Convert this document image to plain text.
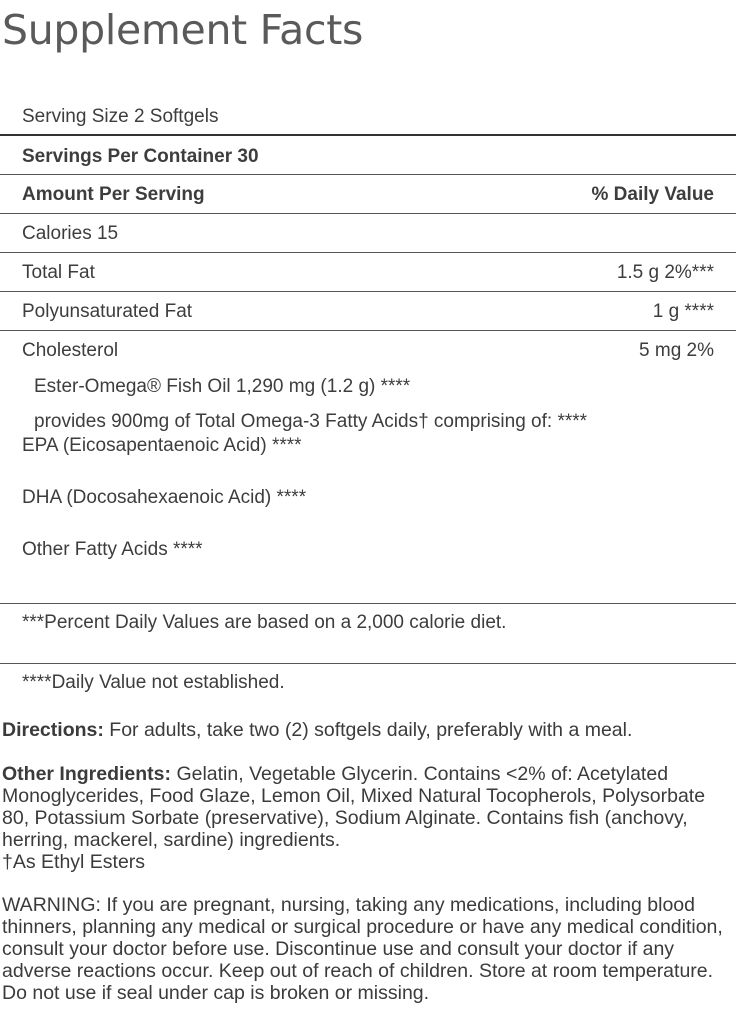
Supplement Facts
Serving Size 2 Softgels
Servings Per Container 30
Amount Per Serving	% Daily Value
Calories 15
Total Fat	1.5 g 2%***
Polyunsaturated Fat	1 g ****
Cholesterol	5 mg 2%
Ester-Omega® Fish Oil 1,290 mg (1.2 g) ****
provides 900mg of Total Omega-3 Fatty Acids† comprising of: ****
EPA (Eicosapentaenoic Acid) ****
DHA (Docosahexaenoic Acid) ****
Other Fatty Acids ****
***Percent Daily Values are based on a 2,000 calorie diet.
****Daily Value not established.
Directions: For adults, take two (2) softgels daily, preferably with a meal.
Other Ingredients: Gelatin, Vegetable Glycerin. Contains <2% of: Acetylated Monoglycerides, Food Glaze, Lemon Oil, Mixed Natural Tocopherols, Polysorbate 80, Potassium Sorbate (preservative), Sodium Alginate. Contains fish (anchovy, herring, mackerel, sardine) ingredients.
†As Ethyl Esters
WARNING: If you are pregnant, nursing, taking any medications, including blood thinners, planning any medical or surgical procedure or have any medical condition, consult your doctor before use. Discontinue use and consult your doctor if any adverse reactions occur. Keep out of reach of children. Store at room temperature. Do not use if seal under cap is broken or missing.
